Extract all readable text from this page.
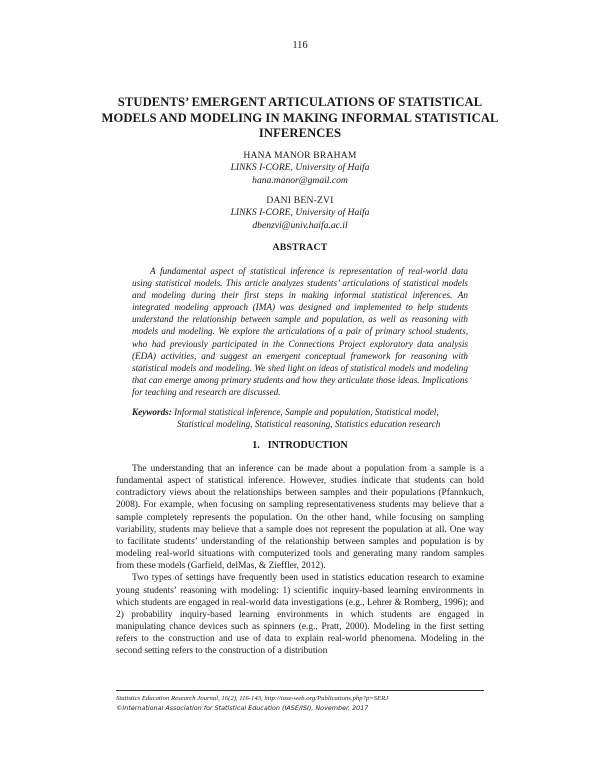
116
STUDENTS’ EMERGENT ARTICULATIONS OF STATISTICAL MODELS AND MODELING IN MAKING INFORMAL STATISTICAL INFERENCES
HANA MANOR BRAHAM
LINKS I-CORE, University of Haifa
hana.manor@gmail.com
DANI BEN-ZVI
LINKS I-CORE, University of Haifa
dbenzvi@univ.haifa.ac.il
ABSTRACT

A fundamental aspect of statistical inference is representation of real-world data using statistical models. This article analyzes students’ articulations of statistical models and modeling during their first steps in making informal statistical inferences. An integrated modeling approach (IMA) was designed and implemented to help students understand the relationship between sample and population, as well as reasoning with models and modeling. We explore the articulations of a pair of primary school students, who had previously participated in the Connections Project exploratory data analysis (EDA) activities, and suggest an emergent conceptual framework for reasoning with statistical models and modeling. We shed light on ideas of statistical models and modeling that can emerge among primary students and how they articulate those ideas. Implications for teaching and research are discussed.

Keywords: Informal statistical inference, Sample and population, Statistical model, Statistical modeling, Statistical reasoning, Statistics education research

1. INTRODUCTION

The understanding that an inference can be made about a population from a sample is a fundamental aspect of statistical inference. However, studies indicate that students can hold contradictory views about the relationships between samples and their populations (Pfannkuch, 2008). For example, when focusing on sampling representativeness students may believe that a sample completely represents the population. On the other hand, while focusing on sampling variability, students may believe that a sample does not represent the population at all. One way to facilitate students’ understanding of the relationship between samples and population is by modeling real-world situations with computerized tools and generating many random samples from these models (Garfield, delMas, & Zieffler, 2012).

Two types of settings have frequently been used in statistics education research to examine young students’ reasoning with modeling: 1) scientific inquiry-based learning environments in which students are engaged in real-world data investigations (e.g., Lehrer & Romberg, 1996); and 2) probability inquiry-based learning environments in which students are engaged in manipulating chance devices such as spinners (e.g., Pratt, 2000). Modeling in the first setting refers to the construction and use of data to explain real-world phenomena. Modeling in the second setting refers to the construction of a distribution

Statistics Education Research Journal, 16(2), 116-143, http://iase-web.org/Publications.php?p=SERJ
©International Association for Statistical Education (IASE/ISI), November, 2017
